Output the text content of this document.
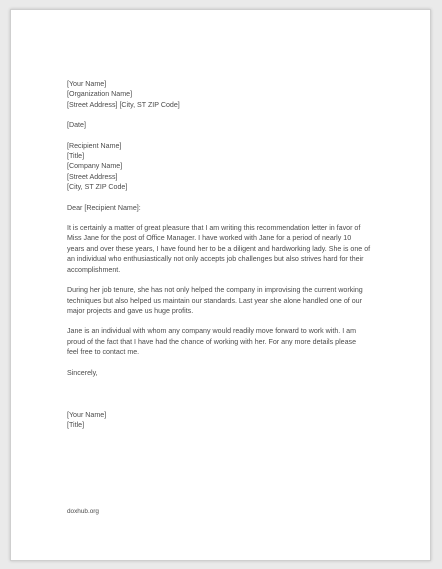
[Your Name]
[Organization Name]
[Street Address] [City, ST ZIP Code]
[Date]
[Recipient Name]
[Title]
[Company Name]
[Street Address]
[City, ST ZIP Code]
Dear [Recipient Name]:

It is certainly a matter of great pleasure that I am writing this recommendation letter in favor of
Miss Jane for the post of Office Manager. I have worked with Jane for a period of nearly 10
years and over these years, I have found her to be a diligent and hardworking lady. She is one of
an individual who enthusiastically not only accepts job challenges but also strives hard for their
accomplishment.

During her job tenure, she has not only helped the company in improvising the current working
techniques but also helped us maintain our standards. Last year she alone handled one of our
major projects and gave us huge profits.

Jane is an individual with whom any company would readily move forward to work with. I am
proud of the fact that I have had the chance of working with her. For any more details please
feel free to contact me.

Sincerely,
[Your Name]
[Title]
doxhub.org
